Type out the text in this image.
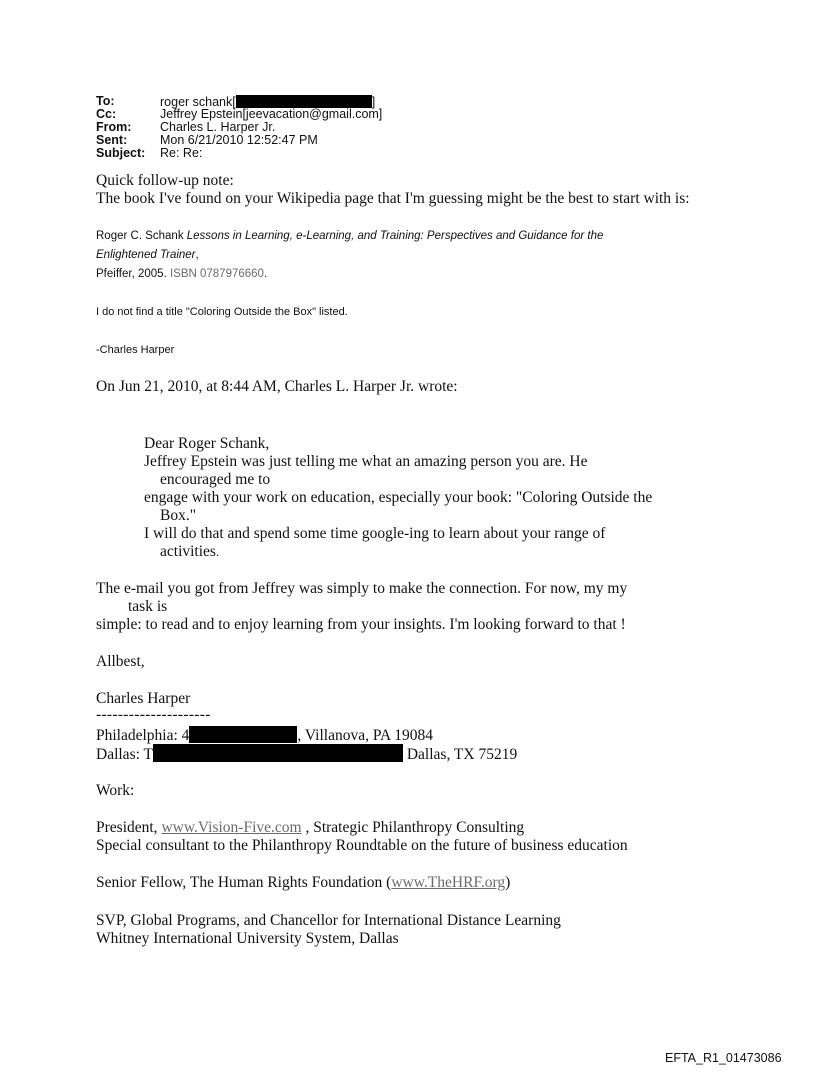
To:	roger schank[	]
Cc:	Jeffrey Epstein[jeevacation@gmail.com]
From: Charles L. Harper Jr.
Sent:	Mon 6/21/2010 12:52:47 PM
Subject: Re: Re:
Quick follow-up note:
The book I've found on your Wikipedia page that I'm guessing might be the best to start with is:
Roger C. Schank Lessons in Learning, e-Learning, and Training: Perspectives and Guidance for the
Enlightened Trainer,
Pfeiffer, 2005. ISBN 0787976660.
I do not find a title "Coloring Outside the Box" listed.
-Charles Harper
On Jun 21, 2010, at 8:44 AM, Charles L. Harper Jr. wrote:
Dear Roger Schank,
Jeffrey Epstein was just telling me what an amazing person you are. He
encouraged me to
engage with your work on education, especially your book: "Coloring Outside the
Box."
I will do that and spend some time google-ing to learn about your range of
activities.
The e-mail you got from Jeffrey was simply to make the connection. For now, my my
task is
simple: to read and to enjoy learning from your insights. I'm looking forward to that !
Allbest,
Charles Harper
---------------------
Philadelphia: 4	, Villanova, PA 19084
Dallas: T	Dallas, TX 75219
Work:
President, www.Vision-Five.com , Strategic Philanthropy Consulting
Special consultant to the Philanthropy Roundtable on the future of business education
Senior Fellow, The Human Rights Foundation (www.TheHRF.org)
SVP, Global Programs, and Chancellor for International Distance Learning
Whitney International University System, Dallas
EFTA_R1_01473086
